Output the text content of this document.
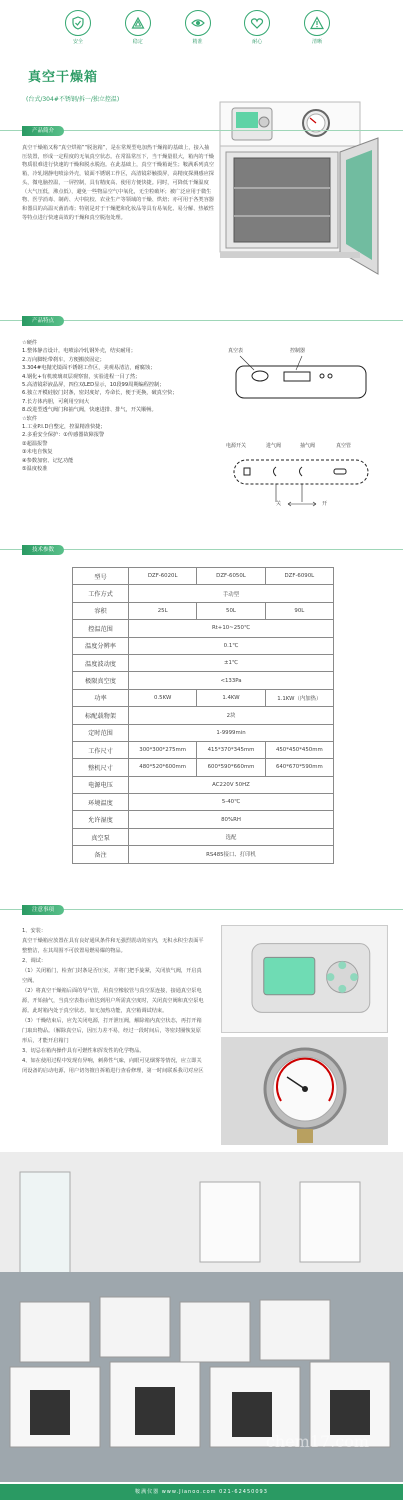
安全	稳定	精准	耐心	清晰
真空干燥箱
(台式/304#不锈钢/拆一/独立控温)
产品简介
真空干燥箱又称“真空烘箱”“脱泡箱”，是在常规型电加热干燥箱的基础上，接入抽压装置，形成一定程度的无氧真空状态。在常温常压下，当干燥量很大，箱内的干燥物质很难进行快速的干燥和脱水脱泡。在此基础上，真空干燥箱诞生；鞍满系列真空箱，冷轧钢静电喷涂外壳，镜面不锈钢工作区，高清镜彩触摸屏，高精度探测感应探头，微电脑控温，一屏控制，具有精度高、使用方便快捷。同时，可降低干燥温度（大气压低，沸点低），避免一些物品空气中氧化，无尘粒破坏；被广泛应用于微生物、医学消毒、制药、大中院校、农业生产等领域的干燥、烘焙；亦可用于各类容器和器具的高温灭菌消毒；特别是对于干燥肥和化妆品等具有易氧化、易分解、热敏性等特点进行快速高效的干燥和真空脱泡处理。
产品特点
☆硬件
1.整体静音设计，电喷涂冷轧钢外壳，结实耐用；
2.万向脚轮带刹车，方便搬放固定；
3.304#电抛光镜面不锈钢工作区，美观易清洁，耐腐蚀；
4.钢化+有机玻璃双层观察窗，实验进程一目了然；
5.高清镜彩液晶屏，四位双LED显示，10段99周期编程控制；
6.独立开模硅胶门封条，密封度好，寿命长，便于更换，破真空快；
7.长方体内胆，可利用空间大
8.改进型透气阀门和抽气阀，快速进排、排气，开关顺畅。
☆软件
1.工业P.I.D自整定，控温精准快捷；
2.多重安全保护：①传感器故障报警
②超温报警
③未电自恢复
④参数加密、记忆功能
⑤温度校准
真空表	控制器
电源开关	进气阀	抽气阀	真空管
关	开
技术参数
型号	DZF-6020L	DZF-6050L	DZF-6090L
工作方式	手动型		
容积	25L	50L	90L
控温范围	Rt+10~250℃		
温度分辨率	0.1℃		
温度波动度	±1℃		
极限真空度	<133Pa		
功率	0.5KW	1.4KW	1.1KW（内加热）
标配载物架	2块		
定时范围	1-9999min		
工作尺寸	300*300*275mm	415*370*345mm	450*450*450mm
整机尺寸	480*520*600mm	600*590*660mm	640*670*590mm
电源电压	AC220V 50HZ		
环境温度	5-40℃		
允许湿度	80%RH		
真空泵	选配		
备注	RS485接口、打印机		
注意事项
1、安装：
真空干燥箱应放置在具有良好通风条件和无强烈震动的室内，无积水积尘表面平整整洁，在其周围不可放置易燃易爆的物品。
2、调试：
（1）关闭箱门，检查门封条是否压实，并将门把手旋紧，关闭放气阀，开启真空阀。
（2）将真空干燥箱后面的导气管，用真空橡胶管与真空泵连接，接通真空泵电源，开始抽气，当真空表指示值达到用户所需真空度时，关闭真空阀和真空泵电源。此时箱内处于真空状态，如无加热功能，真空箱调试结束。
（3）干燥结束后，应先关闭电源，打开泄压阀，解除箱内真空状态，再打开箱门取出物品。（解除真空后，因压力差不易，经过一段时间后，等密封圈恢复原形后，才能开启箱门
3、切忌在箱内操作具有可燃性和挥发性的化学物品。
4、如在使用过程中发现有异响，刺鼻性气味，向眼可见烟雾等情况，应立即关闭设备的启动电源，用户切勿擅自拆箱进行查看修理，第一时间联系我司对应区
chem17.com
鞍满仪器 www.Jianoo.com 021-62450093
